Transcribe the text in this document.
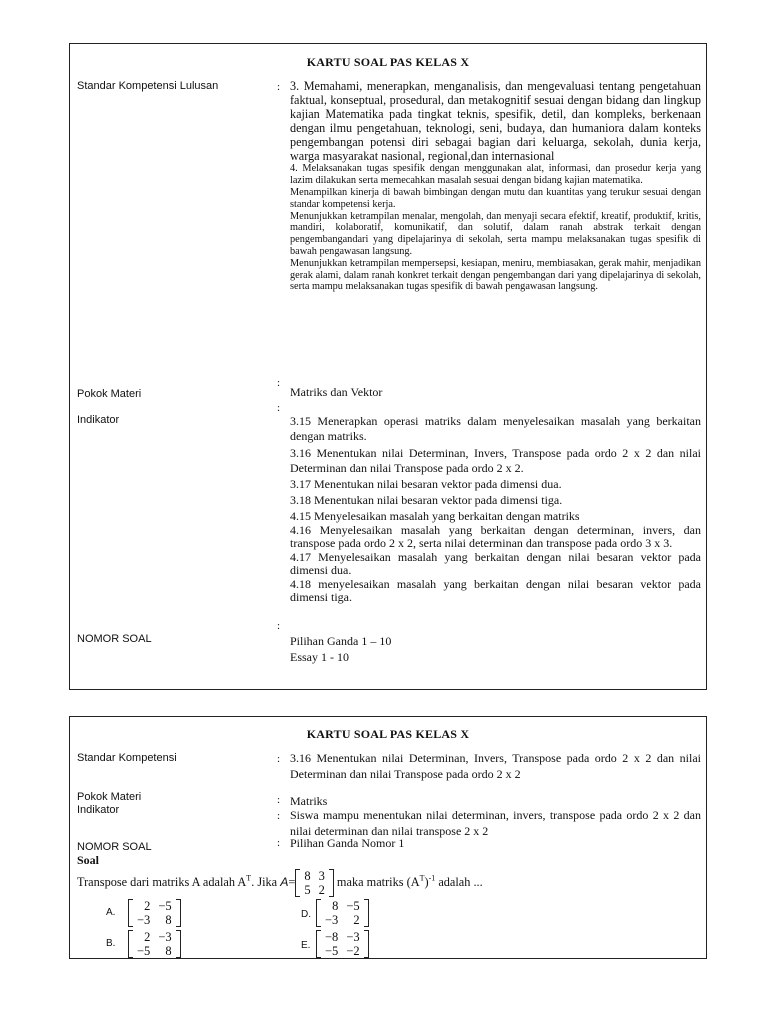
KARTU SOAL PAS KELAS X
Standar Kompetensi Lulusan	: 3. Memahami, menerapkan, menganalisis, dan mengevaluasi tentang pengetahuan faktual, konseptual, prosedural, dan metakognitif sesuai dengan bidang dan lingkup kajian Matematika pada tingkat teknis, spesifik, detil, dan kompleks, berkenaan dengan ilmu pengetahuan, teknologi, seni, budaya, dan humaniora dalam konteks pengembangan potensi diri sebagai bagian dari keluarga, sekolah, dunia kerja, warga masyarakat nasional, regional,dan internasional

4. Melaksanakan tugas spesifik dengan menggunakan alat, informasi, dan prosedur kerja yang lazim dilakukan serta memecahkan masalah sesuai dengan bidang kajian matematika.

Menampilkan kinerja di bawah bimbingan dengan mutu dan kuantitas yang terukur sesuai dengan standar kompetensi kerja.

Menunjukkan ketrampilan menalar, mengolah, dan menyaji secara efektif, kreatif, produktif, kritis, mandiri, kolaboratif, komunikatif, dan solutif, dalam ranah abstrak terkait dengan pengembangandari yang dipelajarinya di sekolah, serta mampu melaksanakan tugas spesifik di bawah pengawasan langsung.

Menunjukkan ketrampilan mempersepsi, kesiapan, meniru, membiasakan, gerak mahir, menjadikan gerak alami, dalam ranah konkret terkait dengan pengembangan dari yang dipelajarinya di sekolah, serta mampu melaksanakan tugas spesifik di bawah pengawasan langsung.

:
Pokok Materi	Matriks dan Vektor
:
Indikator	3.15 Menerapkan operasi matriks dalam menyelesaikan masalah yang berkaitan dengan matriks.

3.16 Menentukan nilai Determinan, Invers, Transpose pada ordo 2 x 2 dan nilai Determinan dan nilai Transpose pada ordo 2 x 2.

3.17 Menentukan nilai besaran vektor pada dimensi dua.

3.18 Menentukan nilai besaran vektor pada dimensi tiga.

4.15 Menyelesaikan masalah yang berkaitan dengan matriks

4.16 Menyelesaikan masalah yang berkaitan dengan determinan, invers, dan transpose pada ordo 2 x 2, serta nilai determinan dan transpose pada ordo 3 x 3.

4.17 Menyelesaikan masalah yang berkaitan dengan nilai besaran vektor pada dimensi dua.

4.18 menyelesaikan masalah yang berkaitan dengan nilai besaran vektor pada dimensi tiga.

:
NOMOR SOAL	Pilihan Ganda 1 – 10
Essay 1 - 10
KARTU SOAL PAS KELAS X
Standar Kompetensi	: 3.16 Menentukan nilai Determinan, Invers, Transpose pada ordo 2 x 2 dan nilai Determinan dan nilai Transpose pada ordo 2 x 2
Pokok Materi	: Matriks
Indikator	: Siswa mampu menentukan nilai determinan, invers, transpose pada ordo 2 x 2 dan nilai determinan dan nilai transpose 2 x 2
NOMOR SOAL	: Pilihan Ganda Nomor 1
Soal
Transpose dari matriks A adalah $A^T$. Jika A= 8	3
5	2
maka matriks $(A^T)^{-1}$ adalah ...
A. 2	−5
−3	8
B. 2	−3
−5	8
D.
8	−5
−3	2
E.
−8	−3
−5	−2
